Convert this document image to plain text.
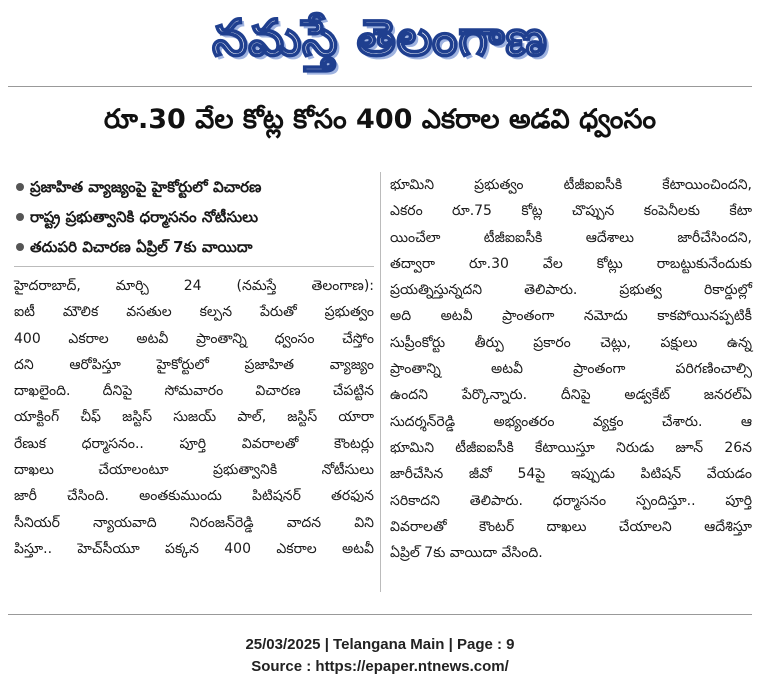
నమస్తే తెలంగాణ
రూ.30 వేల కోట్ల కోసం 400 ఎకరాల అడవి ధ్వంసం
ప్రజాహిత వ్యాజ్యంపై హైకోర్టులో విచారణ
రాష్ట్ర ప్రభుత్వానికి ధర్మాసనం నోటీసులు
తదుపరి విచారణ ఏప్రిల్ 7కు వాయిదా

హైదరాబాద్, మార్చి 24 (నమస్తే తెలంగాణ):

ఐటీ మౌలిక వసతుల కల్పన పేరుతో ప్రభుత్వం

400 ఎకరాల అటవీ ప్రాంతాన్ని ధ్వంసం చేస్తోం

దని ఆరోపిస్తూ హైకోర్టులో ప్రజాహిత వ్యాజ్యం

దాఖలైంది. దీనిపై సోమవారం విచారణ చేపట్టిన

యాక్టింగ్ చీఫ్ జస్టిస్ సుజయ్ పాల్, జస్టిస్ యారా

రేణుక ధర్మాసనం.. పూర్తి వివరాలతో కౌంటర్లు

దాఖలు చేయాలంటూ ప్రభుత్వానికి నోటీసులు

జారీ చేసింది. అంతకుముందు పిటిషనర్ తరఫున

సీనియర్ న్యాయవాది నిరంజన్‌రెడ్డి వాదన విని

పిస్తూ.. హెచ్‌సీయూ పక్కన 400 ఎకరాల అటవీ

భూమిని ప్రభుత్వం టీజీఐఐసీకి కేటాయించిందని,

ఎకరం రూ.75 కోట్ల చొప్పున కంపెనీలకు కేటా

యించేలా టీజీఐఐసీకి ఆదేశాలు జారీచేసిందని,

తద్వారా రూ.30 వేల కోట్లు రాబట్టుకునేందుకు

ప్రయత్నిస్తున్నదని తెలిపారు. ప్రభుత్వ రికార్డుల్లో

అది అటవీ ప్రాంతంగా నమోదు కాకపోయినప్పటికీ

సుప్రీంకోర్టు తీర్పు ప్రకారం చెట్లు, పక్షులు ఉన్న

ప్రాంతాన్ని అటవీ ప్రాంతంగా పరిగణించాల్సి

ఉందని పేర్కొన్నారు. దీనిపై అడ్వకేట్ జనరల్‌ఏ

సుదర్శన్‌రెడ్డి అభ్యంతరం వ్యక్తం చేశారు. ఆ

భూమిని టీజీఐఐసీకి కేటాయిస్తూ నిరుడు జూన్ 26న

జారీచేసిన జీవో 54పై ఇప్పుడు పిటిషన్ వేయడం

సరికాదని తెలిపారు. ధర్మాసనం స్పందిస్తూ.. పూర్తి

వివరాలతో కౌంటర్ దాఖలు చేయాలని ఆదేశిస్తూ

ఏప్రిల్ 7కు వాయిదా వేసింది.

25/03/2025 | Telangana Main | Page : 9
Source : https://epaper.ntnews.com/
